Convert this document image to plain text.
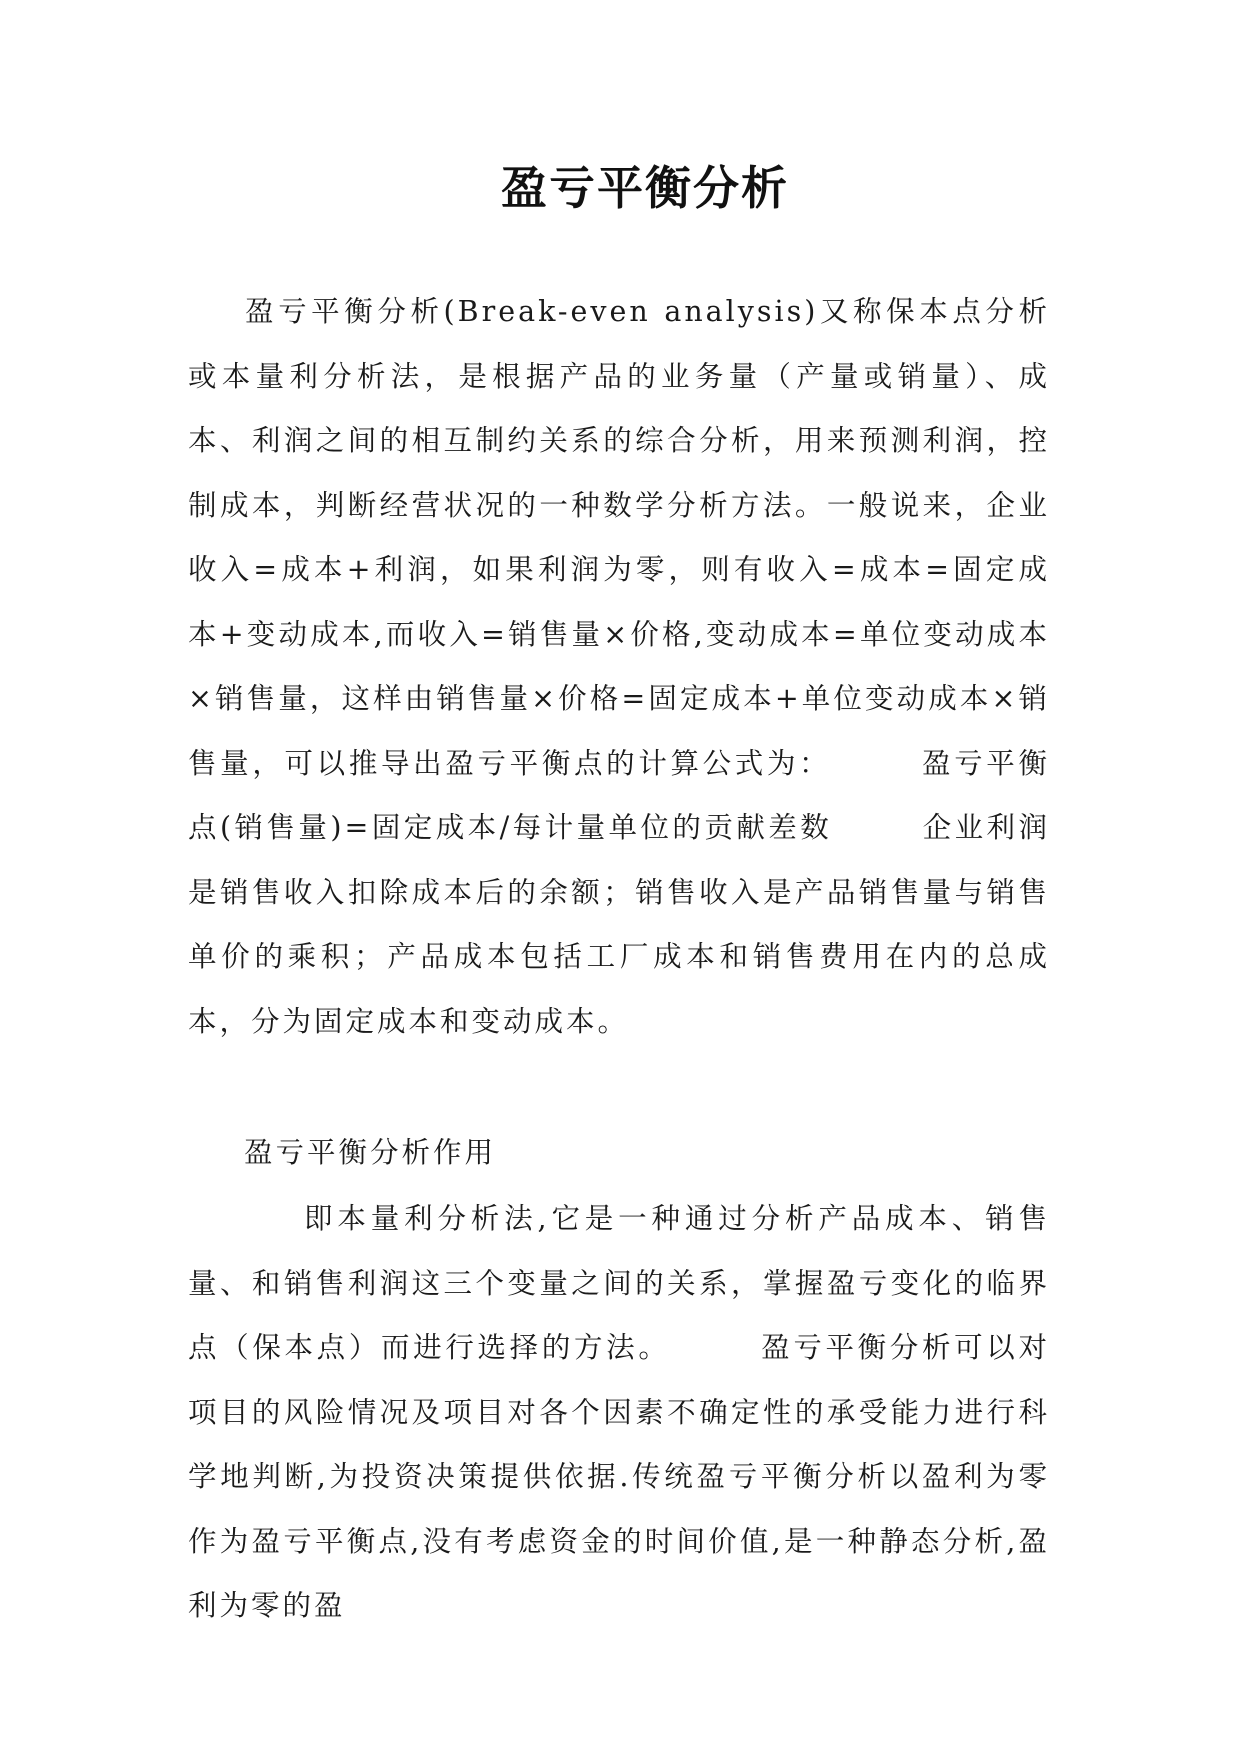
盈亏平衡分析
盈亏平衡分析(Break-even analysis)又称保本点分析或本量利分析法，是根据产品的业务量（产量或销量）、成本、利润之间的相互制约关系的综合分析，用来预测利润，控制成本，判断经营状况的一种数学分析方法。一般说来，企业收入=成本+利润，如果利润为零，则有收入=成本=固定成本+变动成本,而收入=销售量×价格,变动成本=单位变动成本×销售量，这样由销售量×价格=固定成本+单位变动成本×销售量，可以推导出盈亏平衡点的计算公式为：	盈亏平衡点(销售量)=固定成本/每计量单位的贡献差数	企业利润是销售收入扣除成本后的余额；销售收入是产品销售量与销售单价的乘积；产品成本包括工厂成本和销售费用在内的总成本，分为固定成本和变动成本。
盈亏平衡分析作用
即本量利分析法,它是一种通过分析产品成本、销售量、和销售利润这三个变量之间的关系，掌握盈亏变化的临界点（保本点）而进行选择的方法。	盈亏平衡分析可以对项目的风险情况及项目对各个因素不确定性的承受能力进行科学地判断,为投资决策提供依据.传统盈亏平衡分析以盈利为零作为盈亏平衡点,没有考虑资金的时间价值,是一种静态分析,盈利为零的盈
